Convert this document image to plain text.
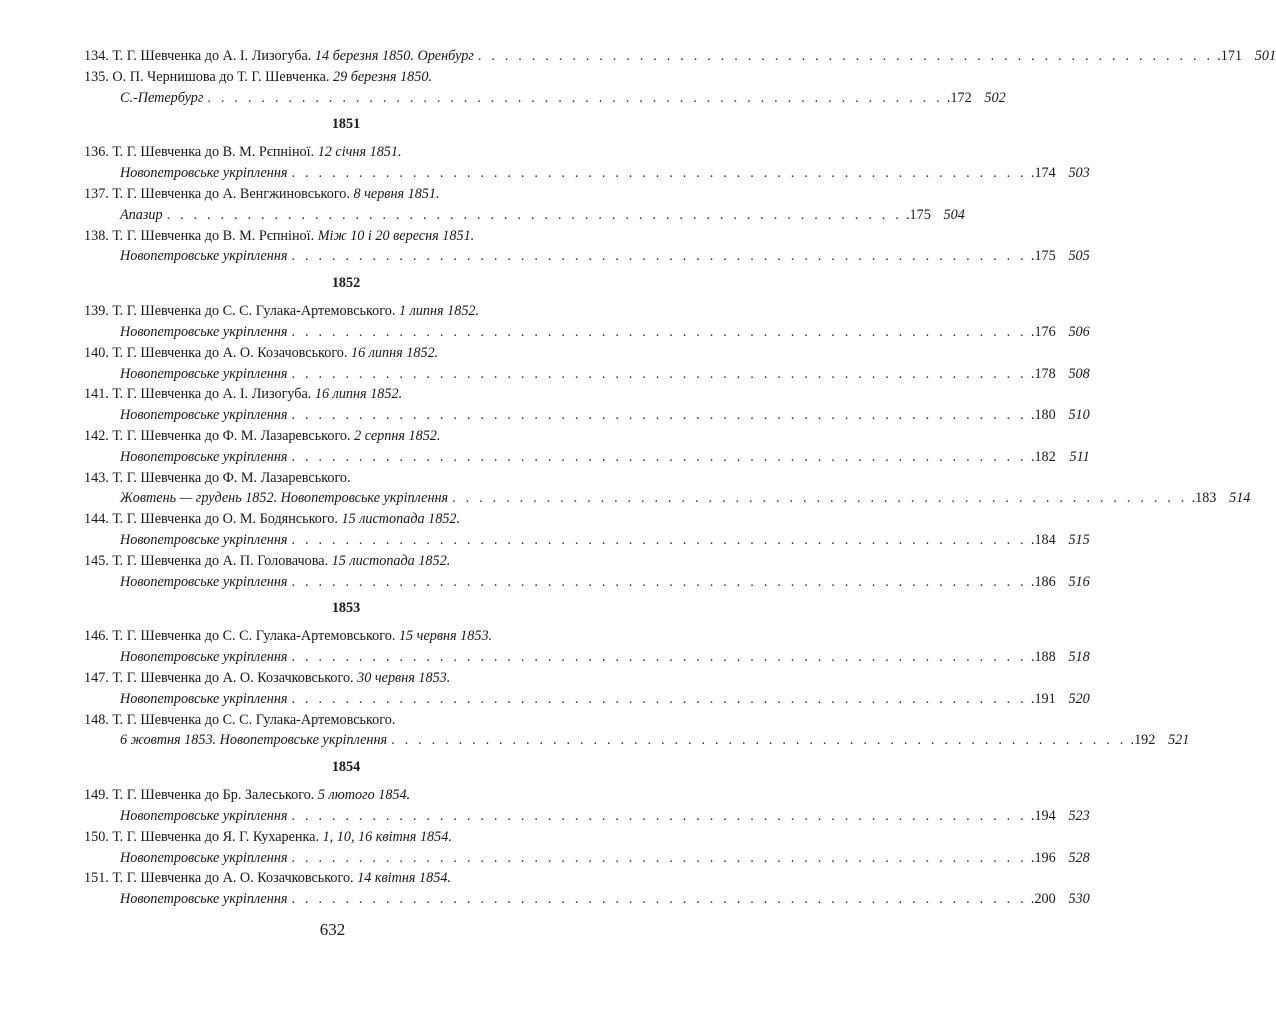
134. Т. Г. Шевченка до А. І. Лизогуба. 14 березня 1850. Оренбург . . . . . . . . . . . . . . . . . . . . . . . . . . . . . . . . . . . . . . . . . . . . . . . . . . . . . . . .171 501
135. О. П. Чернишова до Т. Г. Шевченка. 29 березня 1850.
С.-Петербург . . . . . . . . . . . . . . . . . . . . . . . . . . . . . . . . . . . . . . . . . . . . . . . . . . . . . . . .172 502
1851
136. Т. Г. Шевченка до В. М. Рєпніної. 12 січня 1851.
Новопетровське укріплення . . . . . . . . . . . . . . . . . . . . . . . . . . . . . . . . . . . . . . . . . . . . . . . . . . . . . . . .174 503
137. Т. Г. Шевченка до А. Венгжиновського. 8 червня 1851.
Апазир . . . . . . . . . . . . . . . . . . . . . . . . . . . . . . . . . . . . . . . . . . . . . . . . . . . . . . . .175 504
138. Т. Г. Шевченка до В. М. Рєпніної. Між 10 і 20 вересня 1851.
Новопетровське укріплення . . . . . . . . . . . . . . . . . . . . . . . . . . . . . . . . . . . . . . . . . . . . . . . . . . . . . . . .175 505
1852
139. Т. Г. Шевченка до С. С. Гулака-Артемовського. 1 липня 1852.
Новопетровське укріплення . . . . . . . . . . . . . . . . . . . . . . . . . . . . . . . . . . . . . . . . . . . . . . . . . . . . . . . .176 506
140. Т. Г. Шевченка до А. О. Козачовського. 16 липня 1852.
Новопетровське укріплення . . . . . . . . . . . . . . . . . . . . . . . . . . . . . . . . . . . . . . . . . . . . . . . . . . . . . . . .178 508
141. Т. Г. Шевченка до А. І. Лизогуба. 16 липня 1852.
Новопетровське укріплення . . . . . . . . . . . . . . . . . . . . . . . . . . . . . . . . . . . . . . . . . . . . . . . . . . . . . . . .180 510
142. Т. Г. Шевченка до Ф. М. Лазаревського. 2 серпня 1852.
Новопетровське укріплення . . . . . . . . . . . . . . . . . . . . . . . . . . . . . . . . . . . . . . . . . . . . . . . . . . . . . . . .182 511
143. Т. Г. Шевченка до Ф. М. Лазаревського.
Жовтень — грудень 1852. Новопетровське укріплення . . . . . . . . . . . . . . . . . . . . . . . . . . . . . . . . . . . . . . . . . . . . . . . . . . . . . . . .183 514
144. Т. Г. Шевченка до О. М. Бодянського. 15 листопада 1852.
Новопетровське укріплення . . . . . . . . . . . . . . . . . . . . . . . . . . . . . . . . . . . . . . . . . . . . . . . . . . . . . . . .184 515
145. Т. Г. Шевченка до А. П. Головачова. 15 листопада 1852.
Новопетровське укріплення . . . . . . . . . . . . . . . . . . . . . . . . . . . . . . . . . . . . . . . . . . . . . . . . . . . . . . . .186 516
1853
146. Т. Г. Шевченка до С. С. Гулака-Артемовського. 15 червня 1853.
Новопетровське укріплення . . . . . . . . . . . . . . . . . . . . . . . . . . . . . . . . . . . . . . . . . . . . . . . . . . . . . . . .188 518
147. Т. Г. Шевченка до А. О. Козачковського. 30 червня 1853.
Новопетровське укріплення . . . . . . . . . . . . . . . . . . . . . . . . . . . . . . . . . . . . . . . . . . . . . . . . . . . . . . . .191 520
148. Т. Г. Шевченка до С. С. Гулака-Артемовського.
6 жовтня 1853. Новопетровське укріплення . . . . . . . . . . . . . . . . . . . . . . . . . . . . . . . . . . . . . . . . . . . . . . . . . . . . . . . .192 521
1854
149. Т. Г. Шевченка до Бр. Залеського. 5 лютого 1854.
Новопетровське укріплення . . . . . . . . . . . . . . . . . . . . . . . . . . . . . . . . . . . . . . . . . . . . . . . . . . . . . . . .194 523
150. Т. Г. Шевченка до Я. Г. Кухаренка. 1, 10, 16 квітня 1854.
Новопетровське укріплення . . . . . . . . . . . . . . . . . . . . . . . . . . . . . . . . . . . . . . . . . . . . . . . . . . . . . . . .196 528
151. Т. Г. Шевченка до А. О. Козачковського. 14 квітня 1854.
Новопетровське укріплення . . . . . . . . . . . . . . . . . . . . . . . . . . . . . . . . . . . . . . . . . . . . . . . . . . . . . . . .200 530
632
